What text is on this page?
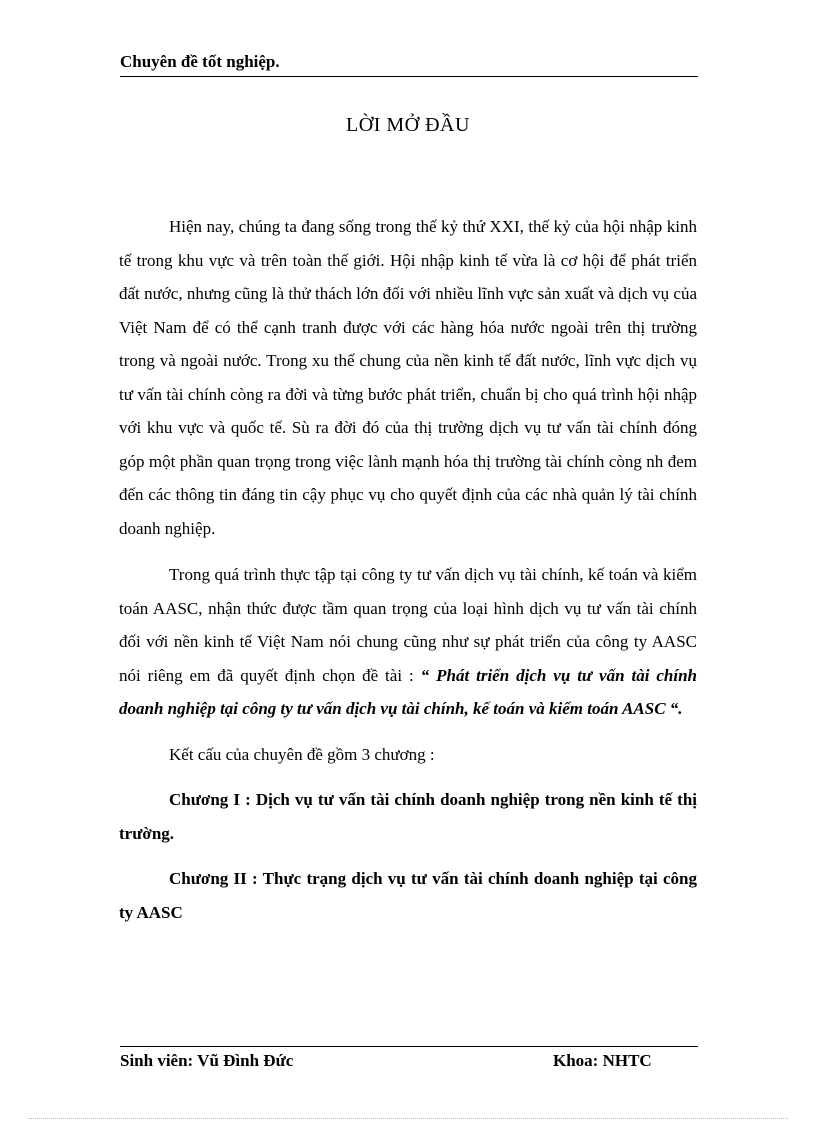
Chuyên đề tốt nghiệp.
LỜI MỞ ĐẦU

Hiện nay, chúng ta đang sống trong thế kỷ thứ XXI, thế kỷ của hội nhập kinh tế trong khu vực và trên toàn thế giới. Hội nhập kinh tế vừa là cơ hội để phát triển đất nước, nhưng cũng là thử thách lớn đối với nhiều lĩnh vực sản xuất và dịch vụ của Việt Nam để có thể cạnh tranh được với các hàng hóa nước ngoài trên thị trường trong và ngoài nước. Trong xu thế chung của nền kinh tế đất nước, lĩnh vực dịch vụ tư vấn tài chính còng ra đời và từng bước phát triển, chuẩn bị cho quá trình hội nhập với khu vực và quốc tế. Sù ra đời đó của thị trường dịch vụ tư vấn tài chính đóng góp một phần quan trọng trong việc lành mạnh hóa thị trường tài chính còng nh đem đến các thông tin đáng tin cậy phục vụ cho quyết định của các nhà quản lý tài chính doanh nghiệp.

Trong quá trình thực tập tại công ty tư vấn dịch vụ tài chính, kế toán và kiểm toán AASC, nhận thức được tầm quan trọng của loại hình dịch vụ tư vấn tài chính đối với nền kinh tế Việt Nam nói chung cũng như sự phát triển của công ty AASC nói riêng em đã quyết định chọn đề tài : “ Phát triển dịch vụ tư vấn tài chính doanh nghiệp tại công ty tư vấn dịch vụ tài chính, kế toán và kiểm toán AASC “.

Kết cấu của chuyên đề gồm 3 chương :

Chương I : Dịch vụ tư vấn tài chính doanh nghiệp trong nền kinh tế thị trường.

Chương II : Thực trạng dịch vụ tư vấn tài chính doanh nghiệp tại công ty AASC

Sinh viên: Vũ Đình Đức	Khoa: NHTC
